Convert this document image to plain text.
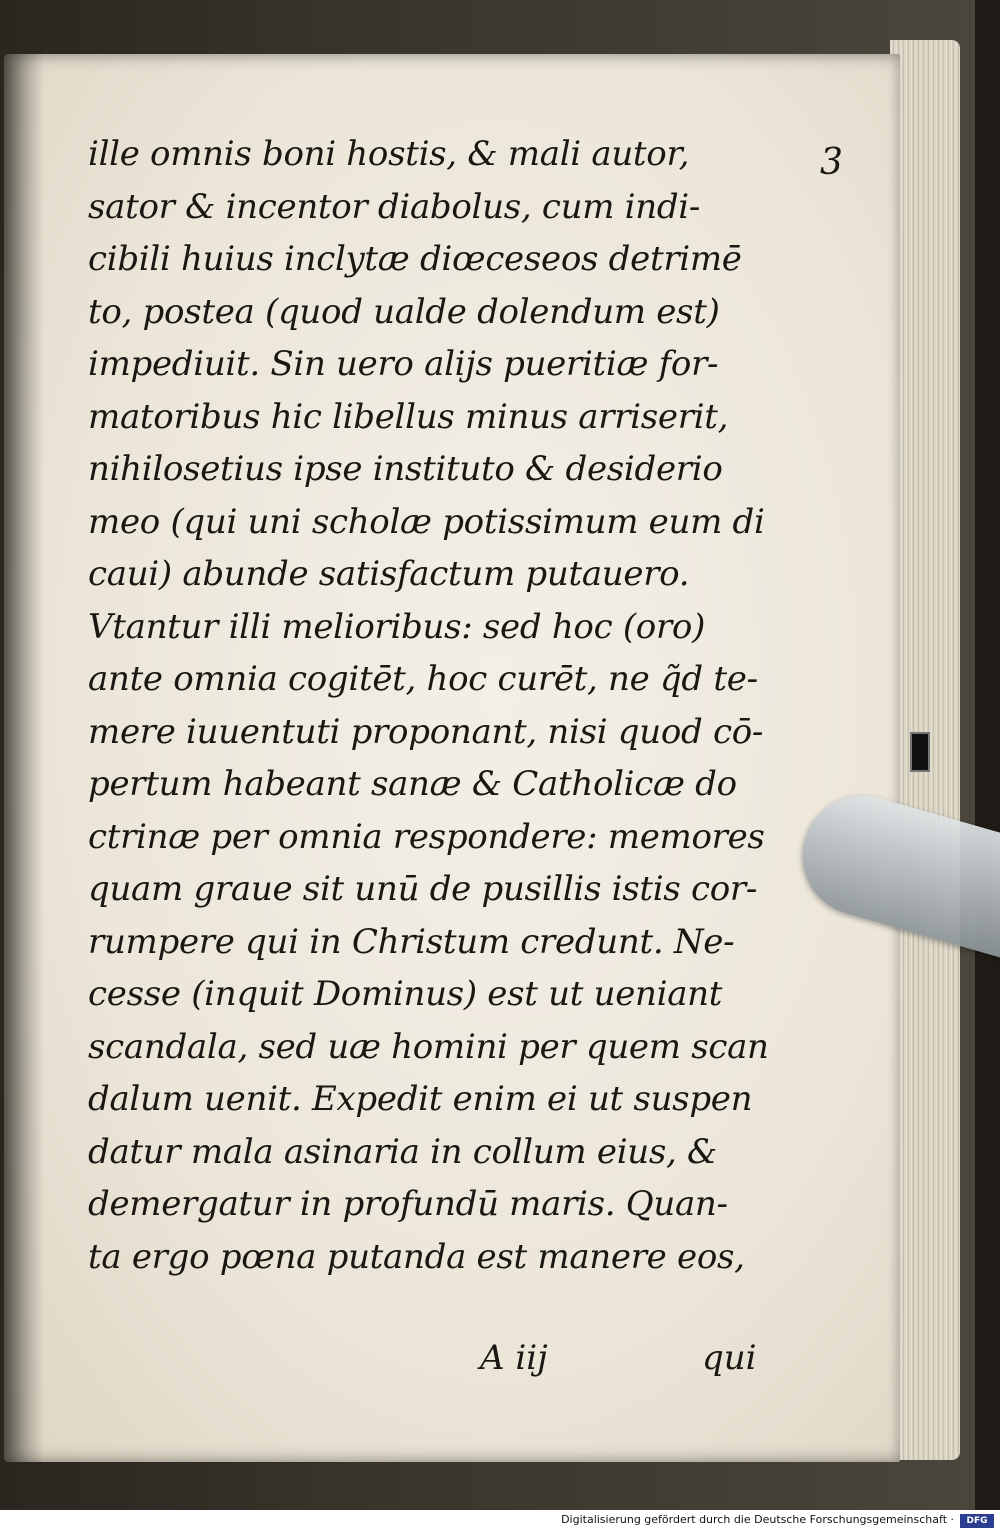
3
ille omnis boni hostis, & mali autor,
sator & incentor diabolus, cum indi-
cibili huius inclytæ diœceseos detrimē
to, postea (quod ualde dolendum est)
impediuit. Sin uero alijs pueritiæ for-
matoribus hic libellus minus arriserit,
nihilosetius ipse instituto & desiderio
meo (qui uni scholæ potissimum eum di
caui) abunde satisfactum putauero.
Vtantur illi melioribus: sed hoc (oro)
ante omnia cogitēt, hoc curēt, ne q̃d te-
mere iuuentuti proponant, nisi quod cō-
pertum habeant sanæ & Catholicæ do
ctrinæ per omnia respondere: memores
quam graue sit unū de pusillis istis cor-
rumpere qui in Christum credunt. Ne-
cesse (inquit Dominus) est ut ueniant
scandala, sed uæ homini per quem scan
dalum uenit. Expedit enim ei ut suspen
datur mala asinaria in collum eius, &
demergatur in profundū maris. Quan-
ta ergo pœna putanda est manere eos,
A iij	qui
Digitalisierung gefördert durch die Deutsche Forschungsgemeinschaft ·	DFG
